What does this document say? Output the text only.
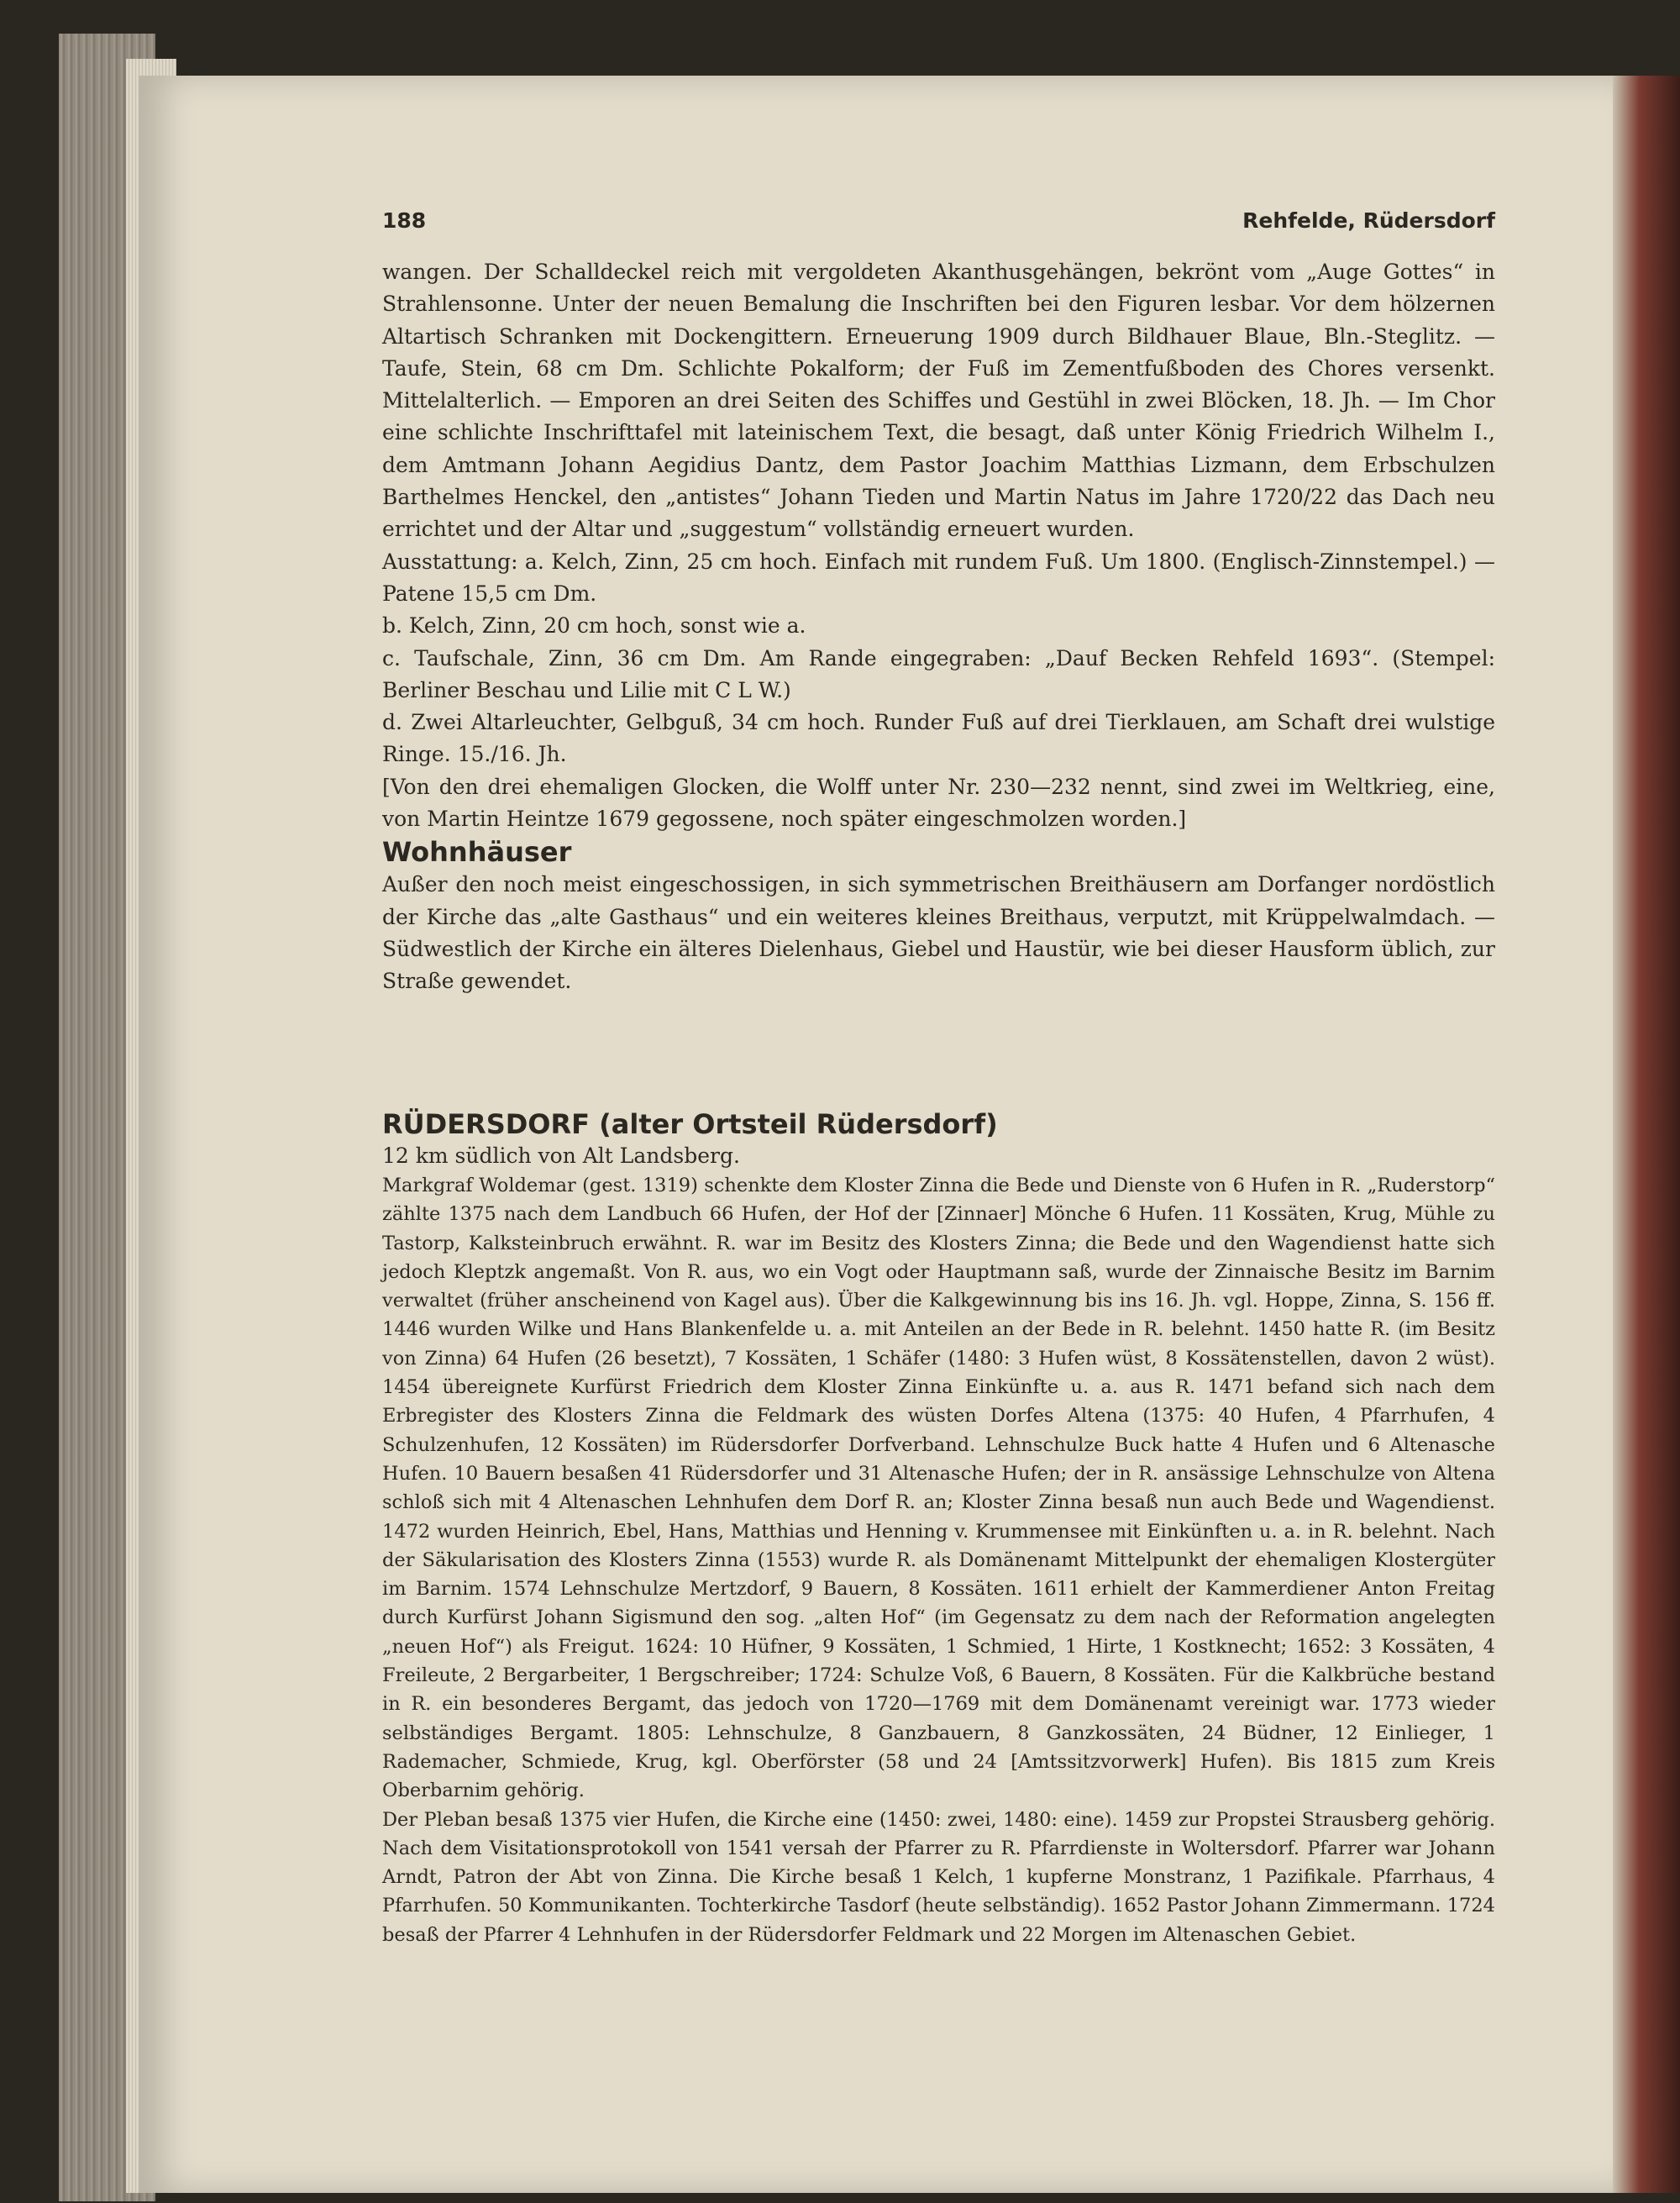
188	Rehfelde, Rüdersdorf

wangen. Der Schalldeckel reich mit vergoldeten Akanthusgehängen, bekrönt vom „Auge Gottes“ in Strahlensonne. Unter der neuen Bemalung die Inschriften bei den Figuren lesbar. Vor dem hölzernen Altartisch Schranken mit Dockengittern. Erneuerung 1909 durch Bildhauer Blaue, Bln.-Steglitz. — Taufe, Stein, 68 cm Dm. Schlichte Pokalform; der Fuß im Zementfußboden des Chores versenkt. Mittelalterlich. — Emporen an drei Seiten des Schiffes und Gestühl in zwei Blöcken, 18. Jh. — Im Chor eine schlichte Inschrifttafel mit lateinischem Text, die besagt, daß unter König Friedrich Wilhelm I., dem Amtmann Johann Aegidius Dantz, dem Pastor Joachim Matthias Lizmann, dem Erbschulzen Barthelmes Henckel, den „antistes“ Johann Tieden und Martin Natus im Jahre 1720/22 das Dach neu errichtet und der Altar und „suggestum“ vollständig erneuert wurden.

Ausstattung: a. Kelch, Zinn, 25 cm hoch. Einfach mit rundem Fuß. Um 1800. (Englisch-Zinnstempel.) — Patene 15,5 cm Dm.

b. Kelch, Zinn, 20 cm hoch, sonst wie a.

c. Taufschale, Zinn, 36 cm Dm. Am Rande eingegraben: „Dauf Becken Rehfeld 1693“. (Stempel: Berliner Beschau und Lilie mit C L W.)

d. Zwei Altarleuchter, Gelbguß, 34 cm hoch. Runder Fuß auf drei Tierklauen, am Schaft drei wulstige Ringe. 15./16. Jh.

[Von den drei ehemaligen Glocken, die Wolff unter Nr. 230—232 nennt, sind zwei im Weltkrieg, eine, von Martin Heintze 1679 gegossene, noch später eingeschmolzen worden.]

Wohnhäuser

Außer den noch meist eingeschossigen, in sich symmetrischen Breithäusern am Dorfanger nordöstlich der Kirche das „alte Gasthaus“ und ein weiteres kleines Breithaus, verputzt, mit Krüppelwalmdach. — Südwestlich der Kirche ein älteres Dielenhaus, Giebel und Haustür, wie bei dieser Hausform üblich, zur Straße gewendet.

RÜDERSDORF (alter Ortsteil Rüdersdorf)

12 km südlich von Alt Landsberg.

Markgraf Woldemar (gest. 1319) schenkte dem Kloster Zinna die Bede und Dienste von 6 Hufen in R. „Ruderstorp“ zählte 1375 nach dem Landbuch 66 Hufen, der Hof der [Zinnaer] Mönche 6 Hufen. 11 Kossäten, Krug, Mühle zu Tastorp, Kalksteinbruch erwähnt. R. war im Besitz des Klosters Zinna; die Bede und den Wagendienst hatte sich jedoch Kleptzk angemaßt. Von R. aus, wo ein Vogt oder Hauptmann saß, wurde der Zinnaische Besitz im Barnim verwaltet (früher anscheinend von Kagel aus). Über die Kalkgewinnung bis ins 16. Jh. vgl. Hoppe, Zinna, S. 156 ff. 1446 wurden Wilke und Hans Blankenfelde u. a. mit Anteilen an der Bede in R. belehnt. 1450 hatte R. (im Besitz von Zinna) 64 Hufen (26 besetzt), 7 Kossäten, 1 Schäfer (1480: 3 Hufen wüst, 8 Kossätenstellen, davon 2 wüst). 1454 übereignete Kurfürst Friedrich dem Kloster Zinna Einkünfte u. a. aus R. 1471 befand sich nach dem Erbregister des Klosters Zinna die Feldmark des wüsten Dorfes Altena (1375: 40 Hufen, 4 Pfarrhufen, 4 Schulzenhufen, 12 Kossäten) im Rüdersdorfer Dorfverband. Lehnschulze Buck hatte 4 Hufen und 6 Altenasche Hufen. 10 Bauern besaßen 41 Rüdersdorfer und 31 Altenasche Hufen; der in R. ansässige Lehnschulze von Altena schloß sich mit 4 Altenaschen Lehnhufen dem Dorf R. an; Kloster Zinna besaß nun auch Bede und Wagendienst. 1472 wurden Heinrich, Ebel, Hans, Matthias und Henning v. Krummensee mit Einkünften u. a. in R. belehnt. Nach der Säkularisation des Klosters Zinna (1553) wurde R. als Domänenamt Mittelpunkt der ehemaligen Klostergüter im Barnim. 1574 Lehnschulze Mertzdorf, 9 Bauern, 8 Kossäten. 1611 erhielt der Kammerdiener Anton Freitag durch Kurfürst Johann Sigismund den sog. „alten Hof“ (im Gegensatz zu dem nach der Reformation angelegten „neuen Hof“) als Freigut. 1624: 10 Hüfner, 9 Kossäten, 1 Schmied, 1 Hirte, 1 Kostknecht; 1652: 3 Kossäten, 4 Freileute, 2 Bergarbeiter, 1 Bergschreiber; 1724: Schulze Voß, 6 Bauern, 8 Kossäten. Für die Kalkbrüche bestand in R. ein besonderes Bergamt, das jedoch von 1720—1769 mit dem Domänenamt vereinigt war. 1773 wieder selbständiges Bergamt. 1805: Lehnschulze, 8 Ganzbauern, 8 Ganzkossäten, 24 Büdner, 12 Einlieger, 1 Rademacher, Schmiede, Krug, kgl. Oberförster (58 und 24 [Amtssitzvorwerk] Hufen). Bis 1815 zum Kreis Oberbarnim gehörig.

Der Pleban besaß 1375 vier Hufen, die Kirche eine (1450: zwei, 1480: eine). 1459 zur Propstei Strausberg gehörig. Nach dem Visitationsprotokoll von 1541 versah der Pfarrer zu R. Pfarrdienste in Woltersdorf. Pfarrer war Johann Arndt, Patron der Abt von Zinna. Die Kirche besaß 1 Kelch, 1 kupferne Monstranz, 1 Pazifikale. Pfarrhaus, 4 Pfarrhufen. 50 Kommunikanten. Tochterkirche Tasdorf (heute selbständig). 1652 Pastor Johann Zimmermann. 1724 besaß der Pfarrer 4 Lehnhufen in der Rüdersdorfer Feldmark und 22 Morgen im Altenaschen Gebiet.
